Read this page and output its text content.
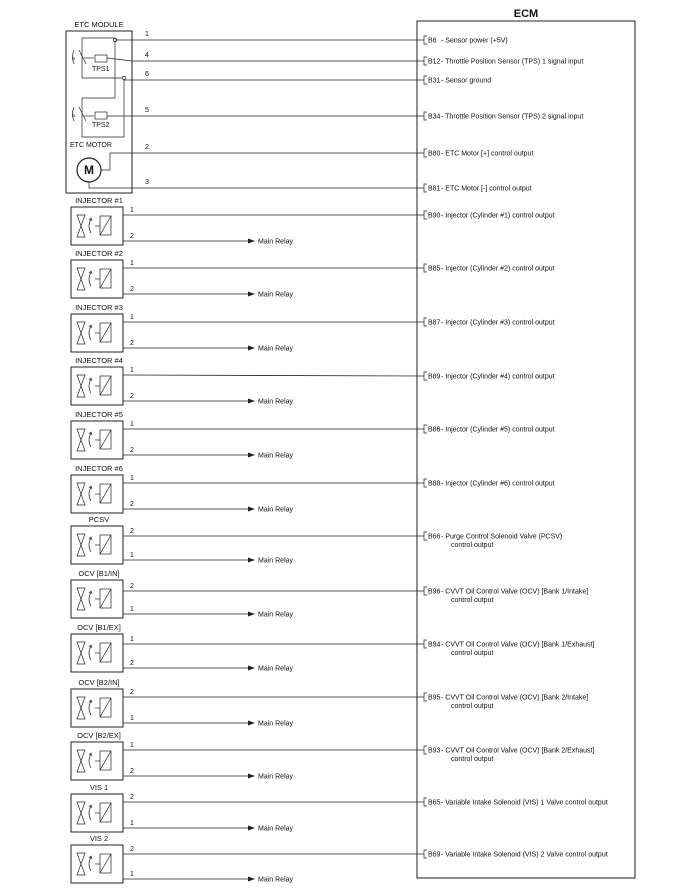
ECM
ETC MODULE
a
TPS1
a
TPS2
ETC MOTOR
M
1
4
6
5
2
3
INJECTOR #1
1
Main Relay
2
INJECTOR #2
1
Main Relay
2
INJECTOR #3
1
Main Relay
2
INJECTOR #4
1
Main Relay
2
INJECTOR #5
1
Main Relay
2
INJECTOR #6
1
Main Relay
2
PCSV
2
Main Relay
1
OCV [B1/IN]
2
Main Relay
1
OCV [B1/EX]
1
Main Relay
2
OCV [B2/IN]
2
Main Relay
1
OCV [B2/EX]
1
Main Relay
2
VIS 1
2
Main Relay
1
VIS 2
2
Main Relay
1
B6 - Sensor power (+5V)
B12 - Throttle Position Sensor (TPS) 1 signal input
B31 - Sensor ground
B34 - Throttle Position Sensor (TPS) 2 signal input
B80 - ETC Motor [+] control output
B81 - ETC Motor [-] control output
B90 - Injector (Cylinder #1) control output
B85 - Injector (Cylinder #2) control output
B87 - Injector (Cylinder #3) control output
B89 - Injector (Cylinder #4) control output
B86 - Injector (Cylinder #5) control output
B88 - Injector (Cylinder #6) control output
B66 - Purge Control Solenoid Valve (PCSV)
control output
B96 - CVVT Oil Control Valve (OCV) [Bank 1/Intake]
control output
B94 - CVVT Oil Control Valve (OCV) [Bank 1/Exhaust]
control output
B95 - CVVT Oil Control Valve (OCV) [Bank 2/Intake]
control output
B93 - CVVT Oil Control Valve (OCV) [Bank 2/Exhaust]
control output
B65 - Variable Intake Solenoid (VIS) 1 Valve control output
B69 - Variable Intake Solenoid (VIS) 2 Valve control output
